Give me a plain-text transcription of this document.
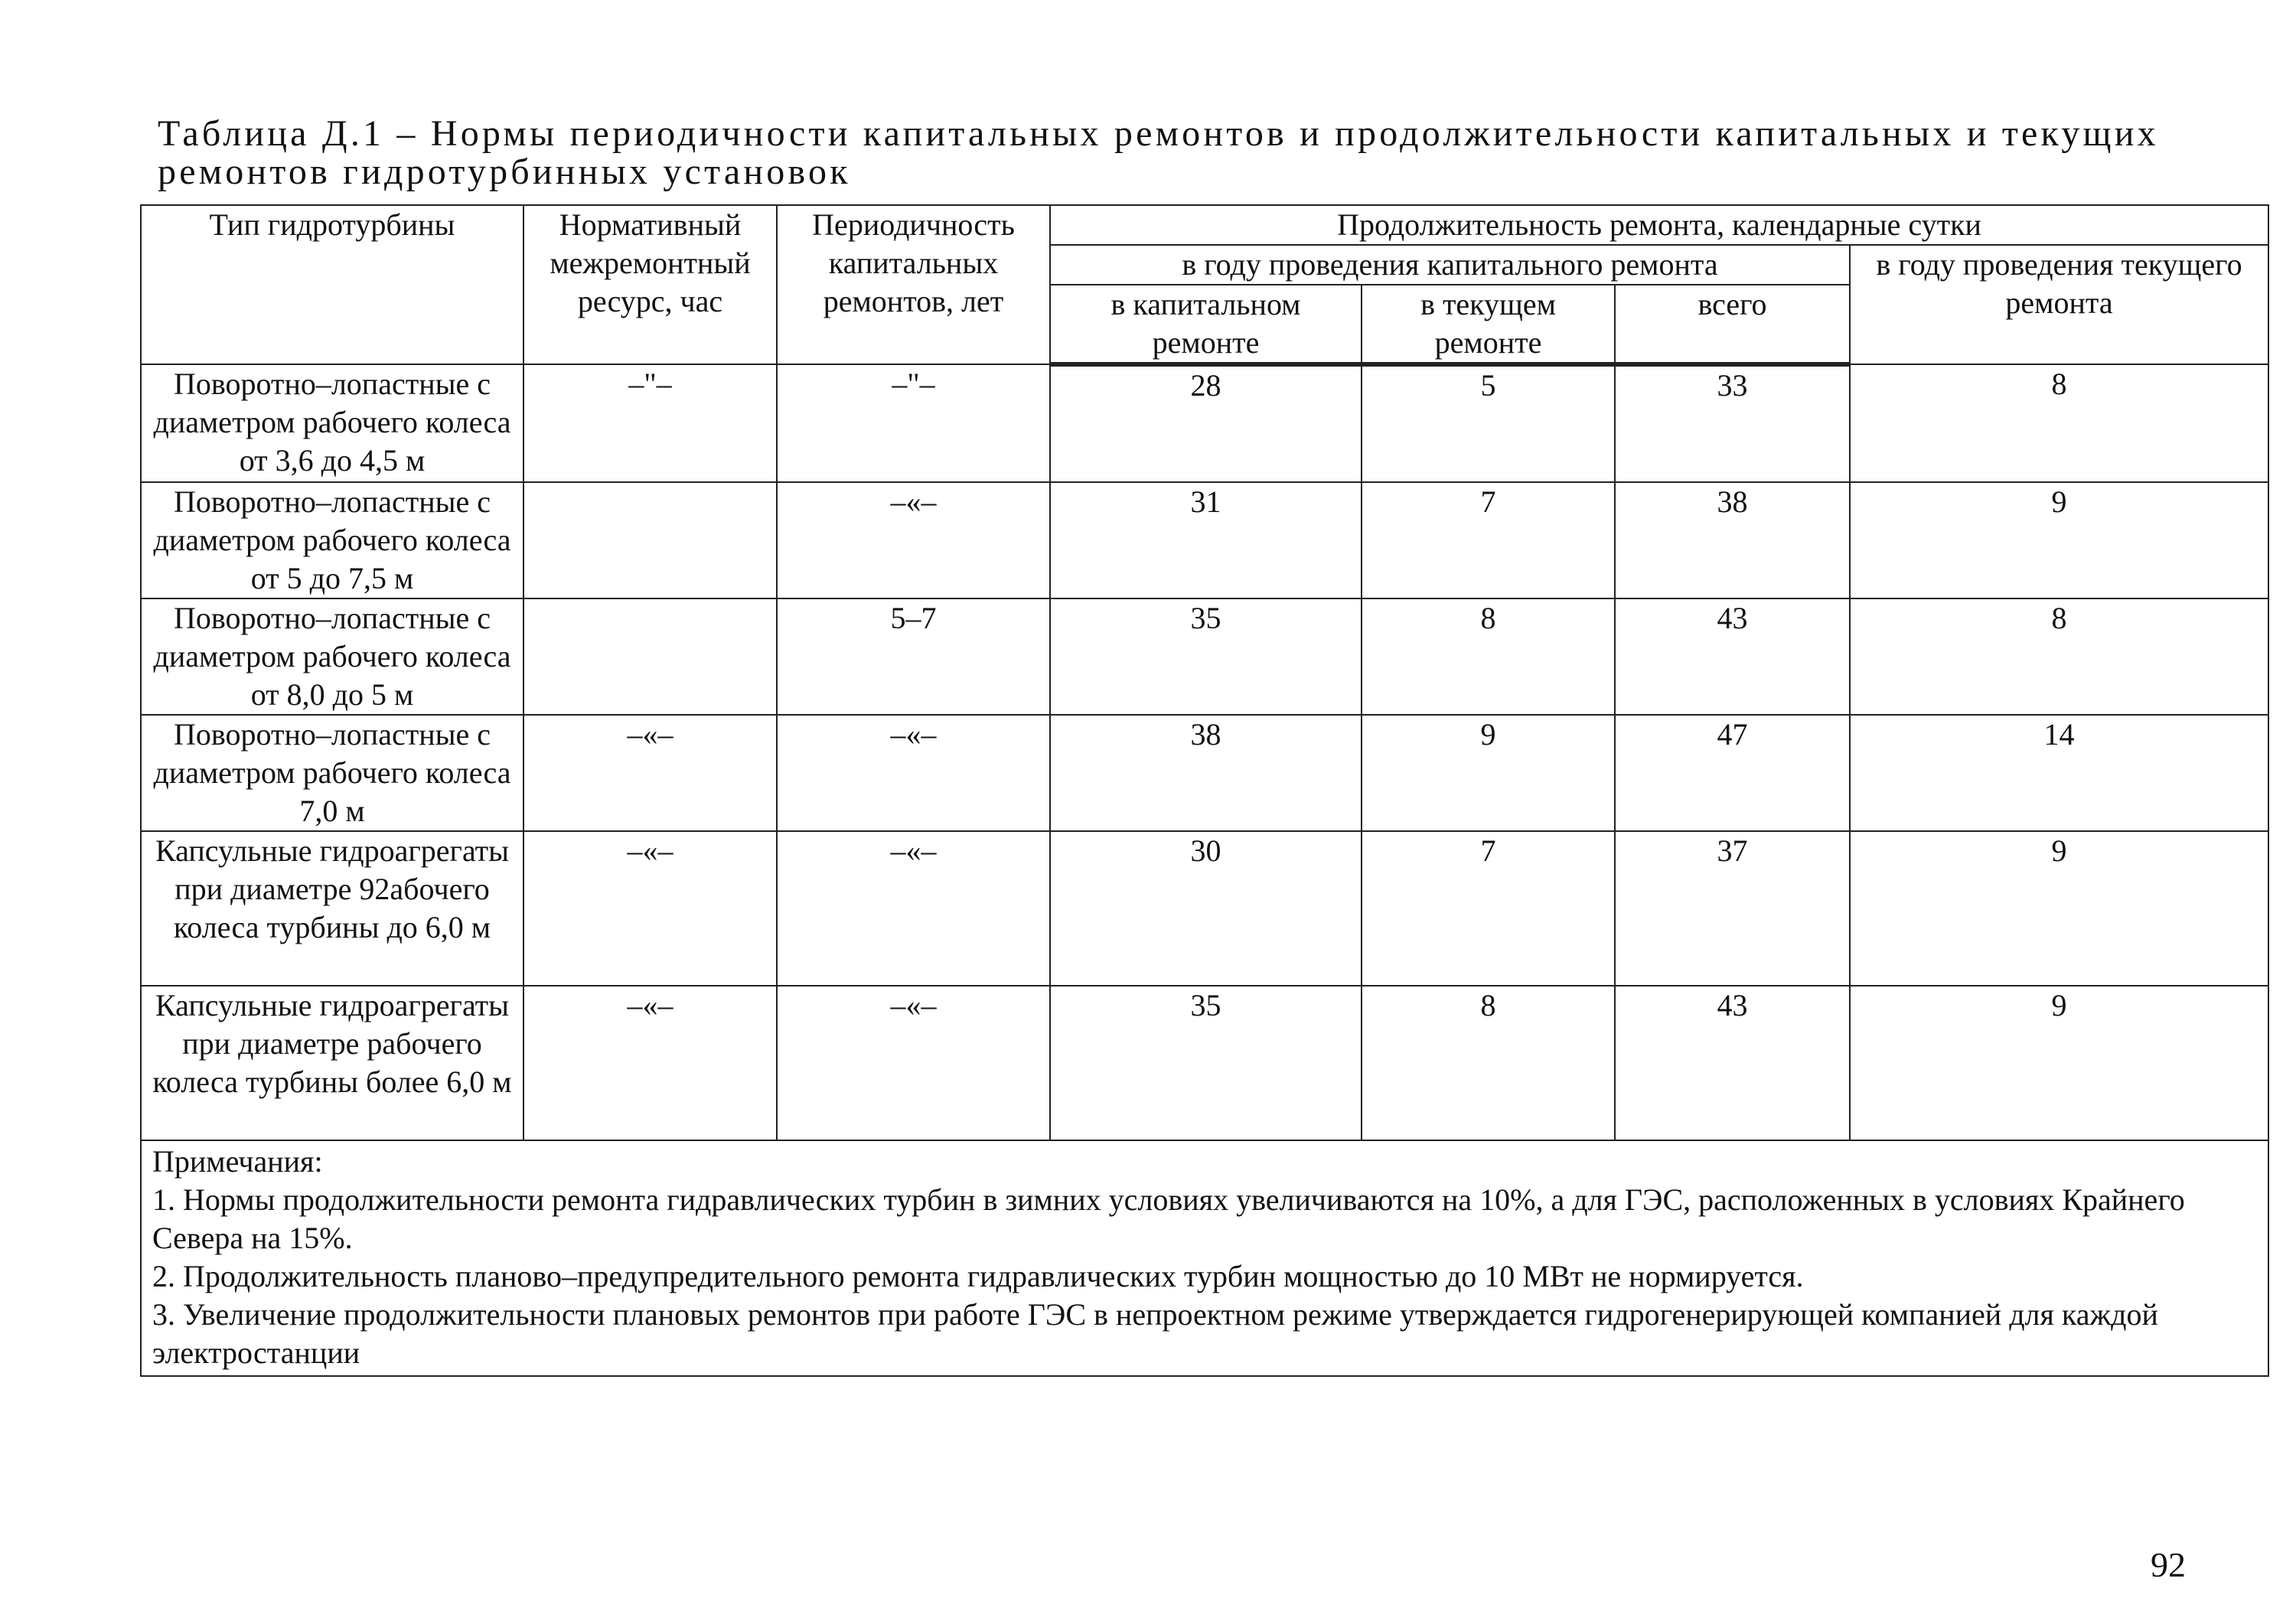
Таблица Д.1 – Нормы периодичности капитальных ремонтов и продолжительности капитальных и текущих ремонтов гидротурбинных установок
Тип гидротурбины	Нормативный межремонтный ресурс, час	Периодичность капитальных ремонтов, лет	Продолжительность ремонта, календарные сутки			
			в году проведения капитального ремонта			в году проведения текущего ремонта
			в капитальном ремонте	в текущем ремонте	всего	
Поворотно–лопастные с диаметром рабочего колеса от 3,6 до 4,5 м	–"–	–"–	28	5	33	8
Поворотно–лопастные с диаметром рабочего колеса от 5 до 7,5 м		–«–	31	7	38	9
Поворотно–лопастные с диаметром рабочего колеса от 8,0 до 5 м		5–7	35	8	43	8
Поворотно–лопастные с диаметром рабочего колеса 7,0 м	–«–	–«–	38	9	47	14
Капсульные гидроагрегаты при диаметре 92абочего колеса турбины до 6,0 м	–«–	–«–	30	7	37	9
Капсульные гидроагрегаты при диаметре рабочего колеса турбины более 6,0 м	–«–	–«–	35	8	43	9

Примечания:
1. Нормы продолжительности ремонта гидравлических турбин в зимних условиях увеличиваются на 10%, а для ГЭС, расположенных в условиях Крайнего Севера на 15%.
2. Продолжительность планово–предупредительного ремонта гидравлических турбин мощностью до 10 МВт не нормируется.
3. Увеличение продолжительности плановых ремонтов при работе ГЭС в непроектном режиме утверждается гидрогенерирующей компанией для каждой электростанции						
92
